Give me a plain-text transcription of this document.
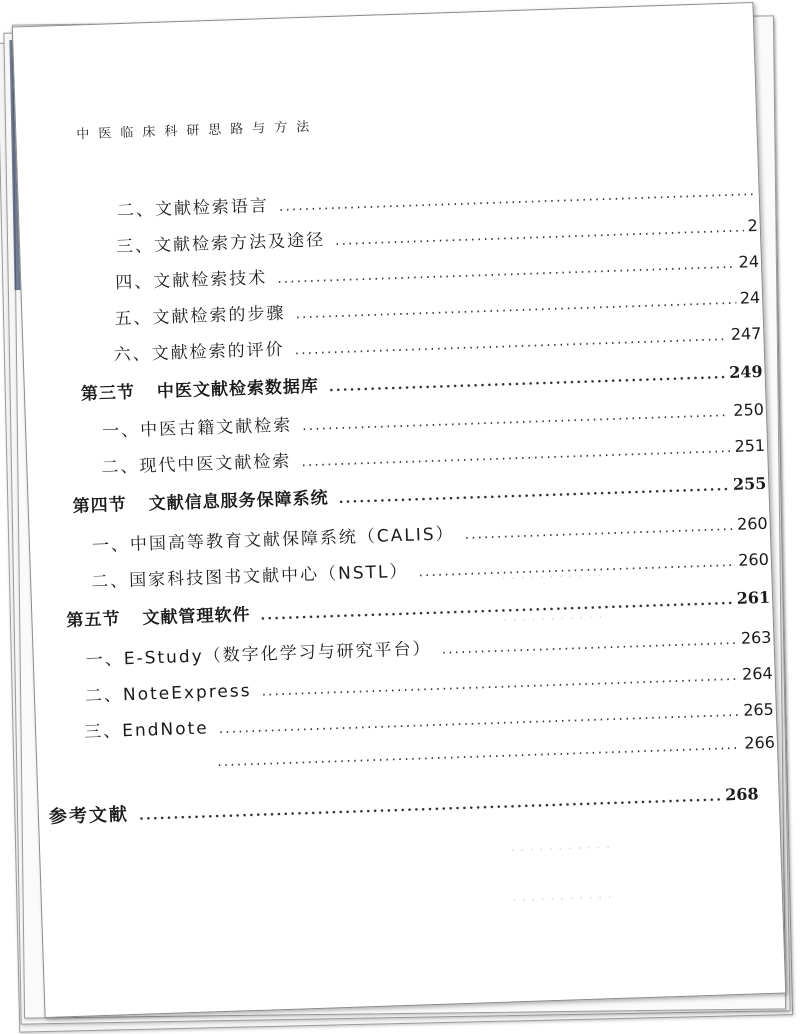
· · · · · · · · · · ·
· · · · · · · · · · ·
· · · · · · · · · · ·
· · · · · · · · · · ·
中医临床科研思路与方法
二、文献检索语言
.....
三、文献检索方法及途径
.....
2
四、文献检索技术
.....
24
五、文献检索的步骤
.....
24
六、文献检索的评价
.....
247
第三节 中医文献检索数据库
.....
249
一、中医古籍文献检索
.....
250
二、现代中医文献检索
.....
251
第四节 文献信息服务保障系统
.....
255
一、中国高等教育文献保障系统（CALIS）
.....
260
二、国家科技图书文献中心（NSTL）
.....
260
第五节 文献管理软件
.....
261
一、E-Study（数字化学习与研究平台）
.....
263
二、NoteExpress
.....
264
三、EndNote
.....
265
.....
266
参考文献
.....
268
